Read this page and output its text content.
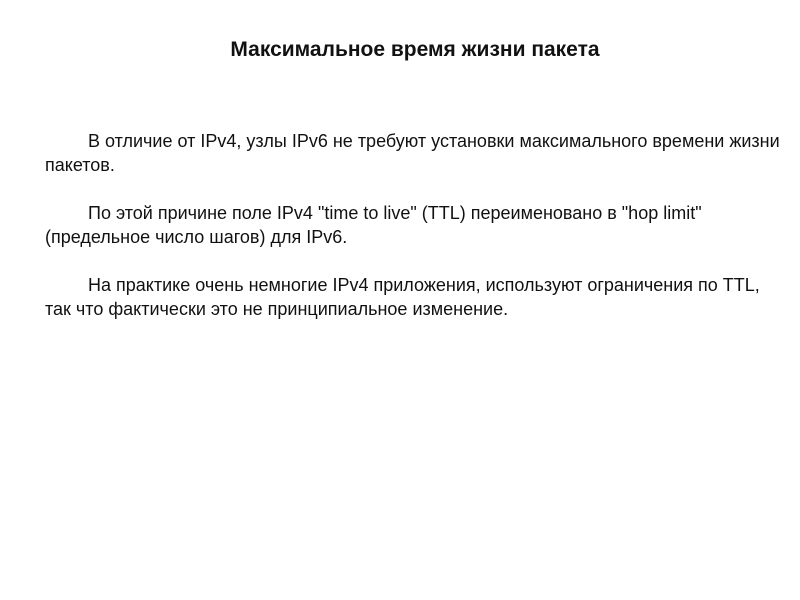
Максимальное время жизни пакета

В отличие от IPv4, узлы IPv6 не требуют установки максимального времени жизни пакетов.

По этой причине поле IPv4 "time to live" (TTL) переименовано в "hop limit" (предельное число шагов) для IPv6.

На практике очень немногие IPv4 приложения, используют ограничения по TTL, так что фактически это не принципиальное изменение.
